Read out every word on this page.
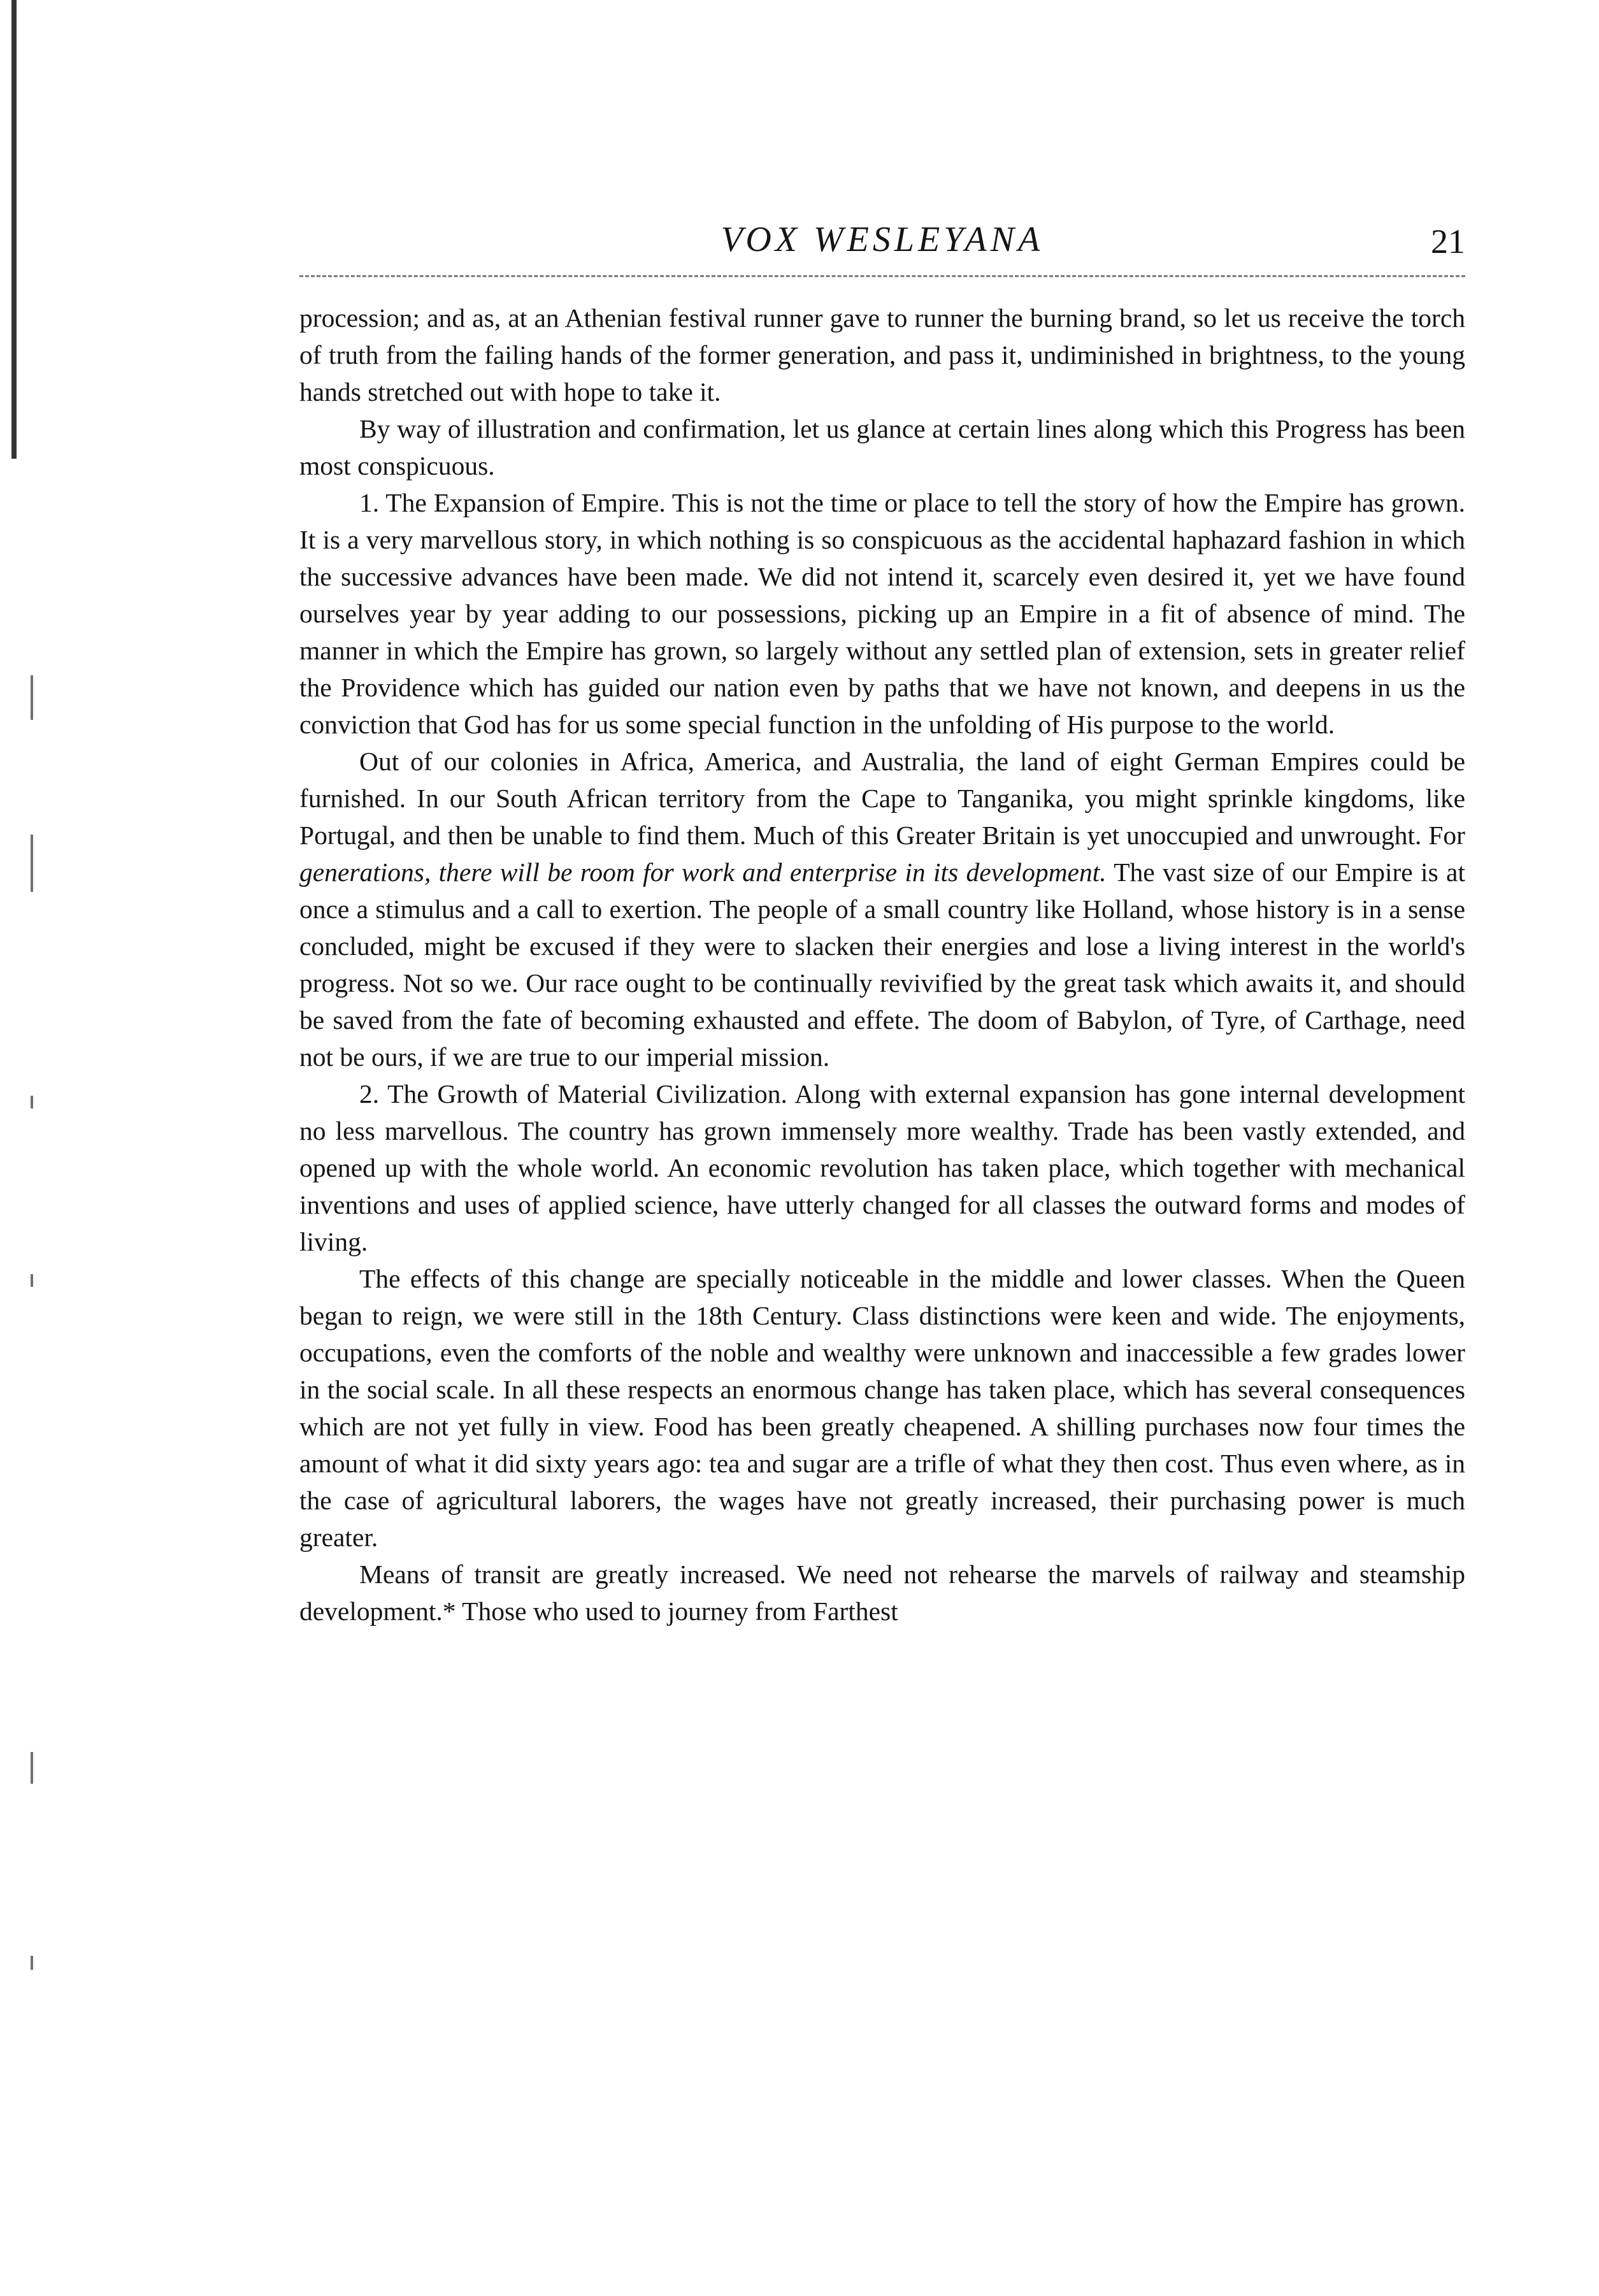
VOX WESLEYANA	21

procession; and as, at an Athenian festival runner gave to runner the burning brand, so let us receive the torch of truth from the failing hands of the former generation, and pass it, undiminished in brightness, to the young hands stretched out with hope to take it.

By way of illustration and confirmation, let us glance at certain lines along which this Progress has been most conspicuous.

1. The Expansion of Empire. This is not the time or place to tell the story of how the Empire has grown. It is a very marvellous story, in which nothing is so conspicuous as the accidental haphazard fashion in which the successive advances have been made. We did not intend it, scarcely even desired it, yet we have found ourselves year by year adding to our possessions, picking up an Empire in a fit of absence of mind. The manner in which the Empire has grown, so largely without any settled plan of extension, sets in greater relief the Providence which has guided our nation even by paths that we have not known, and deepens in us the conviction that God has for us some special function in the unfolding of His purpose to the world.

Out of our colonies in Africa, America, and Australia, the land of eight German Empires could be furnished. In our South African territory from the Cape to Tanganika, you might sprinkle kingdoms, like Portugal, and then be unable to find them. Much of this Greater Britain is yet unoccupied and unwrought. For generations, there will be room for work and enterprise in its development. The vast size of our Empire is at once a stimulus and a call to exertion. The people of a small country like Holland, whose history is in a sense concluded, might be excused if they were to slacken their energies and lose a living interest in the world's progress. Not so we. Our race ought to be continually revivified by the great task which awaits it, and should be saved from the fate of becoming exhausted and effete. The doom of Babylon, of Tyre, of Carthage, need not be ours, if we are true to our imperial mission.

2. The Growth of Material Civilization. Along with external expansion has gone internal development no less marvellous. The country has grown immensely more wealthy. Trade has been vastly extended, and opened up with the whole world. An economic revolution has taken place, which together with mechanical inventions and uses of applied science, have utterly changed for all classes the outward forms and modes of living.

The effects of this change are specially noticeable in the middle and lower classes. When the Queen began to reign, we were still in the 18th Century. Class distinctions were keen and wide. The enjoyments, occupations, even the comforts of the noble and wealthy were unknown and inaccessible a few grades lower in the social scale. In all these respects an enormous change has taken place, which has several consequences which are not yet fully in view. Food has been greatly cheapened. A shilling purchases now four times the amount of what it did sixty years ago: tea and sugar are a trifle of what they then cost. Thus even where, as in the case of agricultural laborers, the wages have not greatly increased, their purchasing power is much greater.

Means of transit are greatly increased. We need not rehearse the marvels of railway and steamship development.* Those who used to journey from Farthest
